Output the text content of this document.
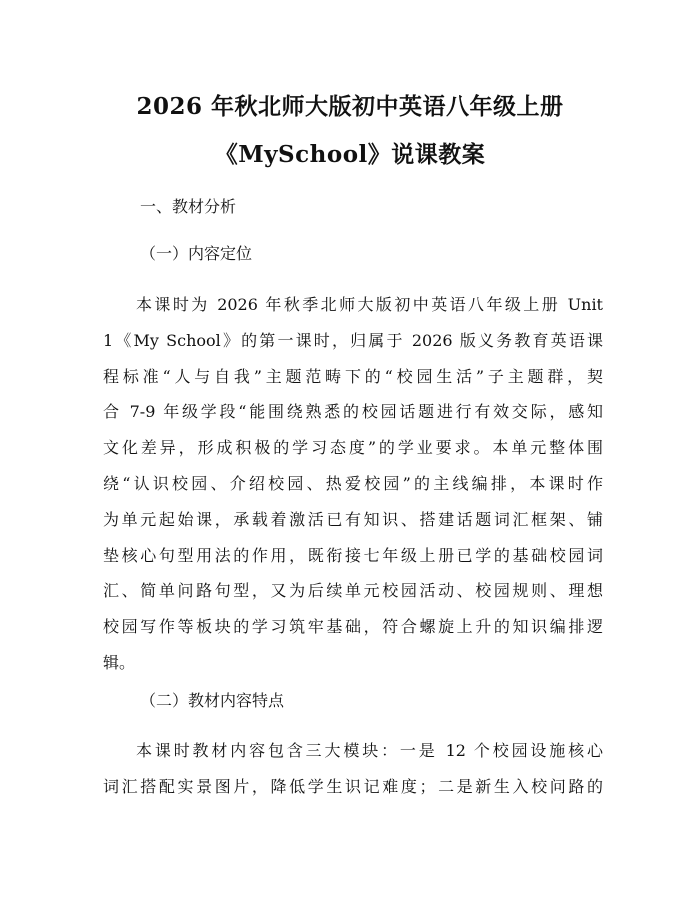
2026 年秋北师大版初中英语八年级上册
《MySchool》说课教案
一、教材分析
（一）内容定位
本课时为 2026 年秋季北师大版初中英语八年级上册 Unit
1《My School》的第一课时，归属于 2026 版义务教育英语课
程标准“人与自我”主题范畴下的“校园生活”子主题群，契
合 7-9 年级学段“能围绕熟悉的校园话题进行有效交际，感知
文化差异，形成积极的学习态度”的学业要求。本单元整体围
绕“认识校园、介绍校园、热爱校园”的主线编排，本课时作
为单元起始课，承载着激活已有知识、搭建话题词汇框架、铺
垫核心句型用法的作用，既衔接七年级上册已学的基础校园词
汇、简单问路句型，又为后续单元校园活动、校园规则、理想
校园写作等板块的学习筑牢基础，符合螺旋上升的知识编排逻
辑。
（二）教材内容特点
本课时教材内容包含三大模块：一是 12 个校园设施核心
词汇搭配实景图片，降低学生识记难度；二是新生入校问路的
